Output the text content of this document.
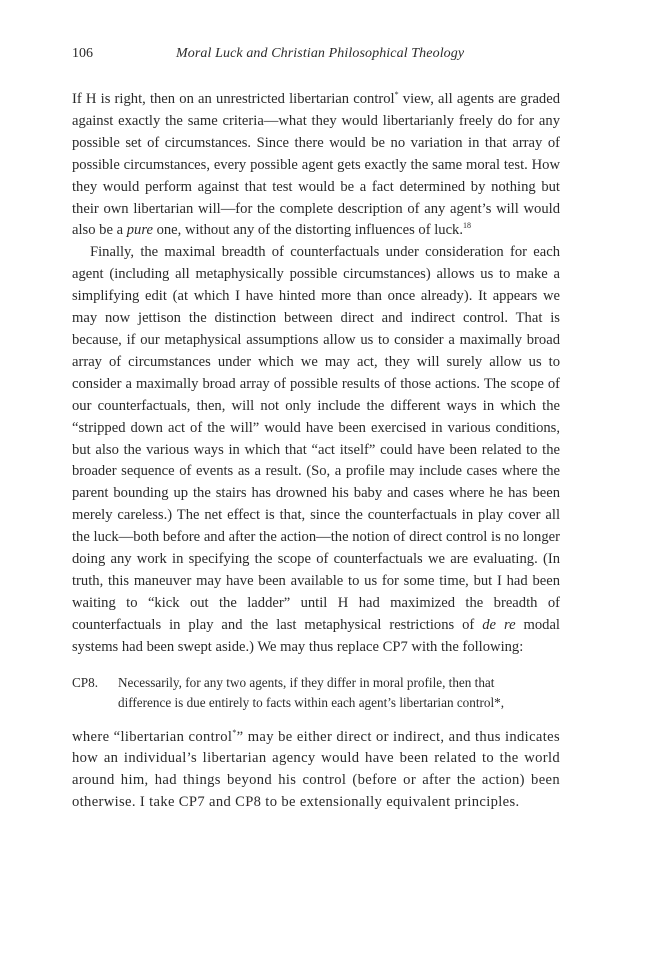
106	Moral Luck and Christian Philosophical Theology

If H is right, then on an unrestricted libertarian control* view, all agents are graded against exactly the same criteria—what they would libertarianly freely do for any possible set of circumstances. Since there would be no variation in that array of possible circumstances, every possible agent gets exactly the same moral test. How they would perform against that test would be a fact determined by nothing but their own libertarian will—for the complete description of any agent’s will would also be a pure one, without any of the distorting influences of luck.$^{18}$

Finally, the maximal breadth of counterfactuals under consideration for each agent (including all metaphysically possible circumstances) allows us to make a simplifying edit (at which I have hinted more than once already). It appears we may now jettison the distinction between direct and indirect control. That is because, if our metaphysical assumptions allow us to consider a maximally broad array of circumstances under which we may act, they will surely allow us to consider a maximally broad array of possible results of those actions. The scope of our counterfactuals, then, will not only include the different ways in which the “stripped down act of the will” would have been exercised in various conditions, but also the various ways in which that “act itself” could have been related to the broader sequence of events as a result. (So, a profile may include cases where the parent bounding up the stairs has drowned his baby and cases where he has been merely careless.) The net effect is that, since the counterfactuals in play cover all the luck—both before and after the action—the notion of direct control is no longer doing any work in specifying the scope of counterfactuals we are evaluating. (In truth, this maneuver may have been available to us for some time, but I had been waiting to “kick out the ladder” until H had maximized the breadth of counterfactuals in play and the last metaphysical restrictions of de re modal systems had been swept aside.) We may thus replace CP7 with the following:

CP8.	Necessarily, for any two agents, if they differ in moral profile, then that difference is due entirely to facts within each agent’s libertarian control*,

where “libertarian control*” may be either direct or indirect, and thus indicates how an individual’s libertarian agency would have been related to the world around him, had things beyond his control (before or after the action) been otherwise. I take CP7 and CP8 to be extensionally equivalent principles.
